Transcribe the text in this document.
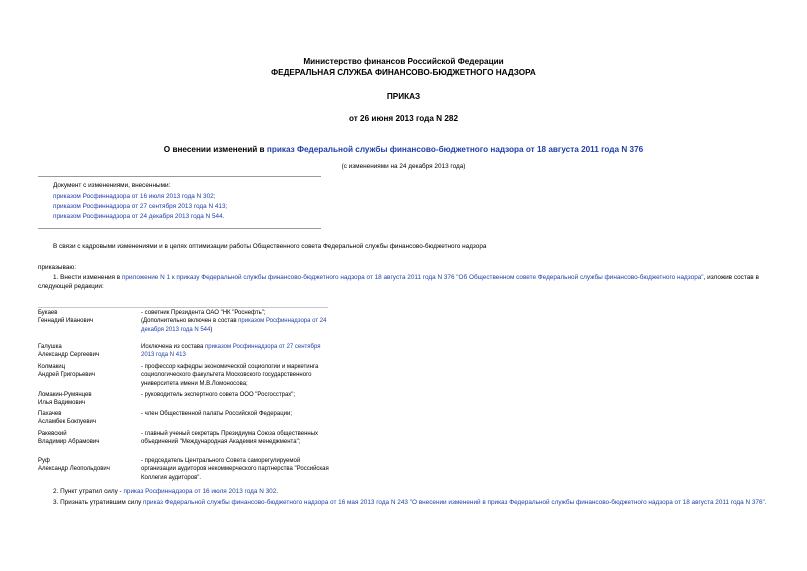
Министерство финансов Российской Федерации
ФЕДЕРАЛЬНАЯ СЛУЖБА ФИНАНСОВО-БЮДЖЕТНОГО НАДЗОРА
ПРИКАЗ
от 26 июня 2013 года N 282
О внесении изменений в приказ Федеральной службы финансово-бюджетного надзора от 18 августа 2011 года N 376
(с изменениями на 24 декабря 2013 года)
Документ с изменениями, внесенными:
приказом Росфиннадзора от 16 июля 2013 года N 302;
приказом Росфиннадзора от 27 сентября 2013 года N 413;
приказом Росфиннадзора от 24 декабря 2013 года N 544.
В связи с кадровыми изменениями и в целях оптимизации работы Общественного совета Федеральной службы финансово-бюджетного надзора
приказываю:
1. Внести изменения в приложение N 1 к приказу Федеральной службы финансово-бюджетного надзора от 18 августа 2011 года N 376 "Об Общественном совете Федеральной службы финансово-бюджетного надзора", изложив состав в следующей редакции:
Букаев
Геннадий Иванович
- советник Президента ОАО "НК "Роснефть";
(Дополнительно включен в состав приказом Росфиннадзора от 24 декабря 2013 года N 544)
Галушка
Александр Сергеевич
Исключена из состава приказом Росфиннадзора от 27 сентября 2013 года N 413
Колмакиц
Андрей Григорьевич
- профессор кафедры экономической социологии и маркетинга социологического факультета Московского государственного университета имени М.В.Ломоносова;
Ломакин-Румянцев
Илья Вадимович
- руководитель экспертного совета ООО "Росгосстрах";
Пахачев
Асламбек Бокпуевич
- член Общественной палаты Российской Федерации;
Ракевский
Владимир Абрамович
- главный ученый секретарь Президиума Союза общественных объединений "Международная Академия менеджмента";
Руф
Александр Леопольдович
- председатель Центрального Совета саморегулируемой организации аудиторов некоммерческого партнерства "Российская Коллегия аудиторов".
2. Пункт утратил силу - приказ Росфиннадзора от 16 июля 2013 года N 302.
3. Признать утратившим силу приказ Федеральной службы финансово-бюджетного надзора от 16 мая 2013 года N 243 "О внесении изменений в приказ Федеральной службы финансово-бюджетного надзора от 18 августа 2011 года N 376".
